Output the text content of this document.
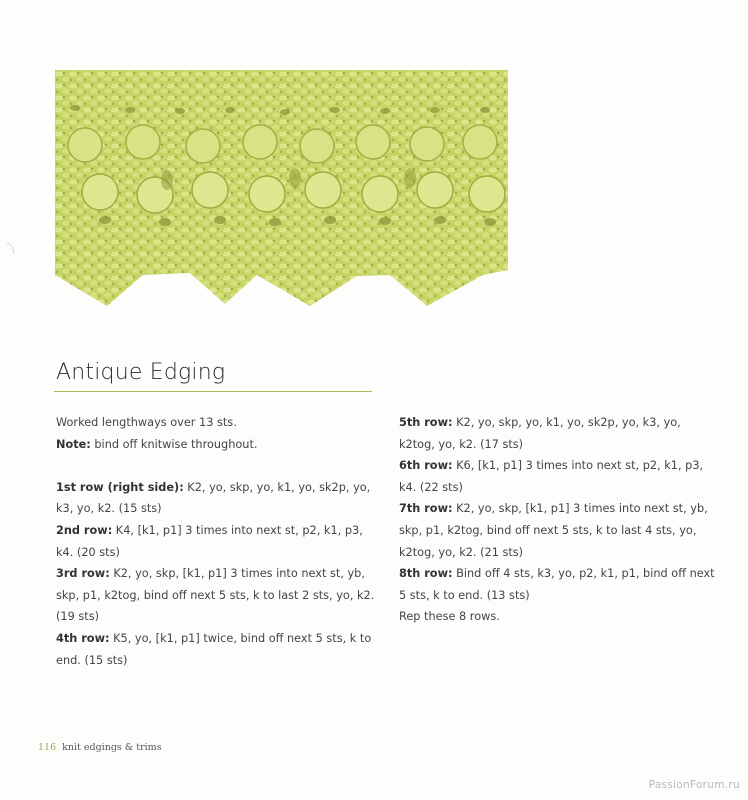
Antique Edging

Worked lengthways over 13 sts.

Note: bind off knitwise throughout.

1st row (right side): K2, yo, skp, yo, k1, yo, sk2p, yo, k3, yo, k2. (15 sts)

2nd row: K4, [k1, p1] 3 times into next st, p2, k1, p3, k4. (20 sts)

3rd row: K2, yo, skp, [k1, p1] 3 times into next st, yb, skp, p1, k2tog, bind off next 5 sts, k to last 2 sts, yo, k2. (19 sts)

4th row: K5, yo, [k1, p1] twice, bind off next 5 sts, k to end. (15 sts)

5th row: K2, yo, skp, yo, k1, yo, sk2p, yo, k3, yo, k2tog, yo, k2. (17 sts)

6th row: K6, [k1, p1] 3 times into next st, p2, k1, p3, k4. (22 sts)

7th row: K2, yo, skp, [k1, p1] 3 times into next st, yb, skp, p1, k2tog, bind off next 5 sts, k to last 4 sts, yo, k2tog, yo, k2. (21 sts)

8th row: Bind off 4 sts, k3, yo, p2, k1, p1, bind off next 5 sts, k to end. (13 sts)

Rep these 8 rows.

116 knit edgings & trims
PassionForum.ru
